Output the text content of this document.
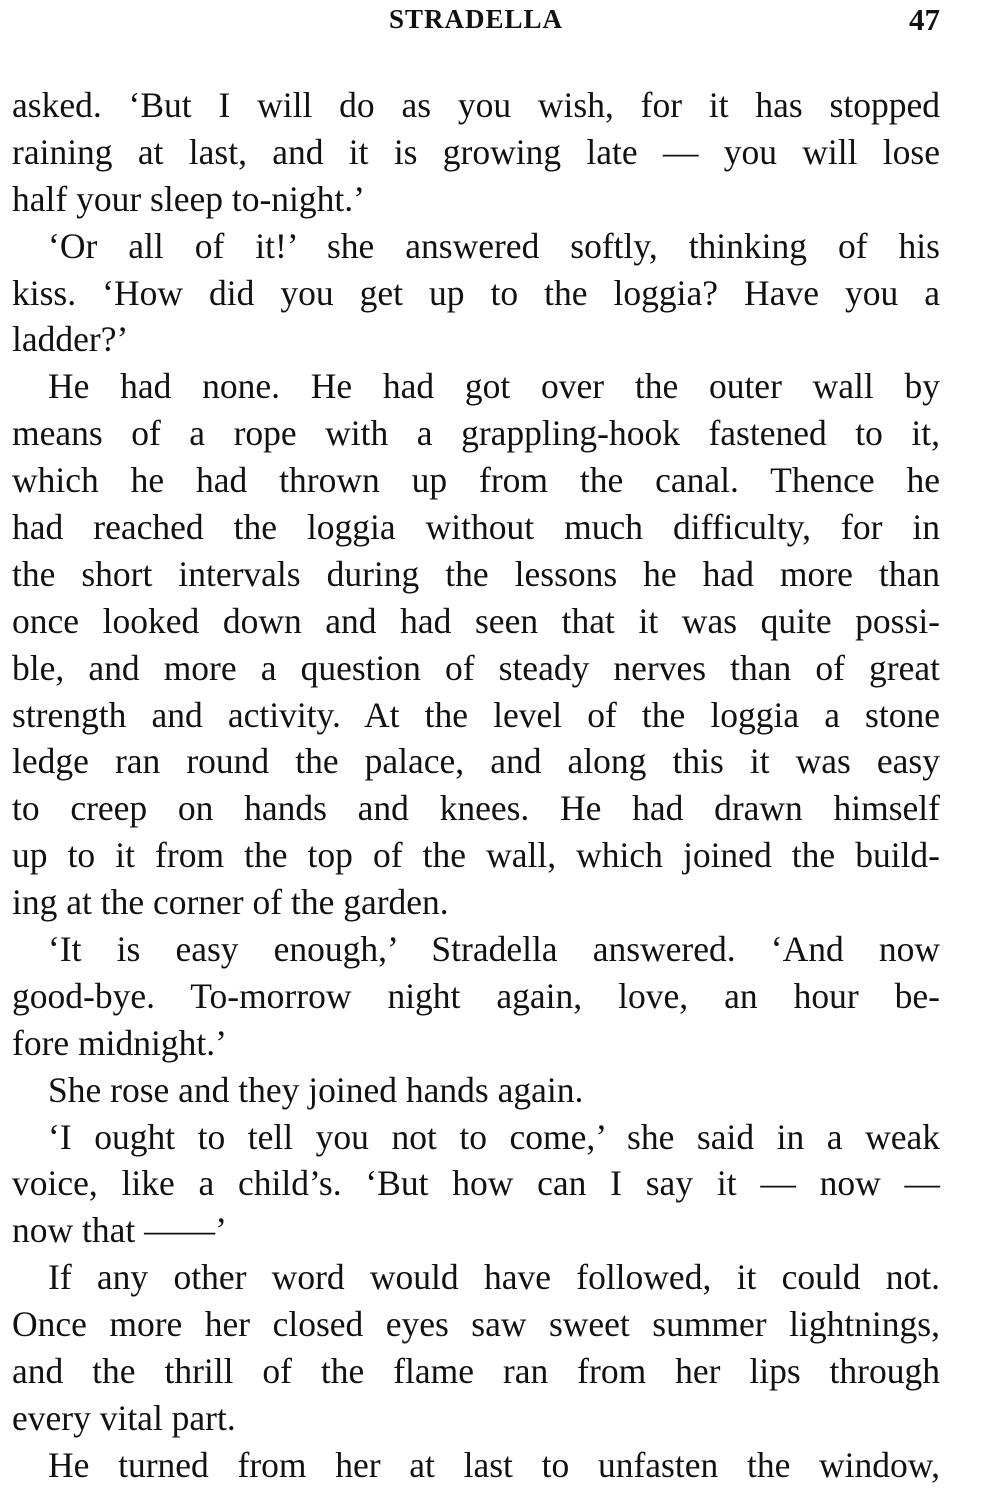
STRADELLA	47
asked. ‘But I will do as you wish, for it has stopped
raining at last, and it is growing late — you will lose
half your sleep to-night.’
‘Or all of it!’ she answered softly, thinking of his
kiss. ‘How did you get up to the loggia? Have you a
ladder?’
He had none. He had got over the outer wall by
means of a rope with a grappling-hook fastened to it,
which he had thrown up from the canal. Thence he
had reached the loggia without much difficulty, for in
the short intervals during the lessons he had more than
once looked down and had seen that it was quite possi-
ble, and more a question of steady nerves than of great
strength and activity. At the level of the loggia a stone
ledge ran round the palace, and along this it was easy
to creep on hands and knees. He had drawn himself
up to it from the top of the wall, which joined the build-
ing at the corner of the garden.
‘It is easy enough,’ Stradella answered. ‘And now
good-bye. To-morrow night again, love, an hour be-
fore midnight.’
She rose and they joined hands again.
‘I ought to tell you not to come,’ she said in a weak
voice, like a child’s. ‘But how can I say it — now —
now that ——’
If any other word would have followed, it could not.
Once more her closed eyes saw sweet summer lightnings,
and the thrill of the flame ran from her lips through
every vital part.
He turned from her at last to unfasten the window,
